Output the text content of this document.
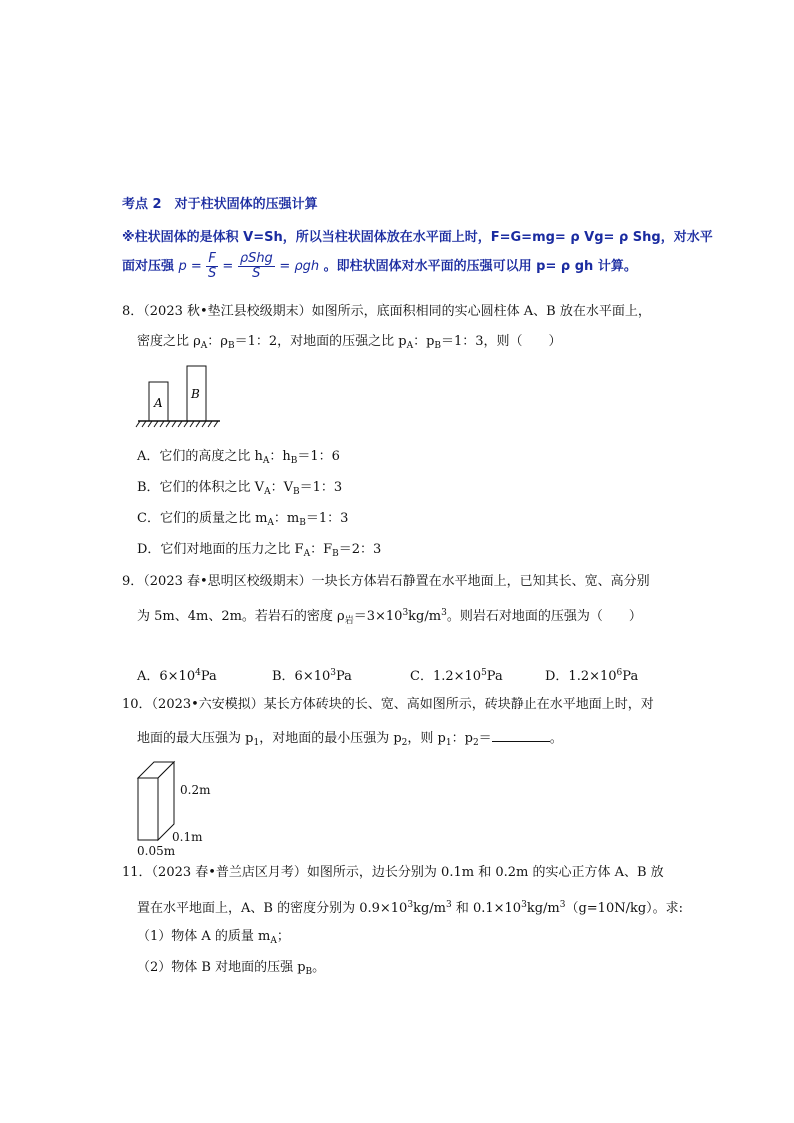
考点 2　对于柱状固体的压强计算
※柱状固体的是体积 V=Sh，所以当柱状固体放在水平面上时，F=G=mg= ρ Vg= ρ Shg，对水平
面对压强 $p = \frac{F}{S} = \frac{\text{ρShg}}{S} = \rho gh$ 。即柱状固体对水平面的压强可以用 p= ρ gh 计算。
8．（2023 秋•垫江县校级期末）如图所示，底面积相同的实心圆柱体 A、B 放在水平面上，
密度之比 $\rho_A$：$\rho_B=1$：2，对地面的压强之比 $p_A$：$p_B=1$：3，则（　　）
A
B
A．它们的高度之比 $h_A$：$h_B=1$：6
B．它们的体积之比 $V_A$：$V_B=1$：3
C．它们的质量之比 $m_A$：$m_B=1$：3
D．它们对地面的压力之比 $F_A$：$F_B=2$：3
9．（2023 春•思明区校级期末）一块长方体岩石静置在水平地面上，已知其长、宽、高分别
为 5m、4m、2m。若岩石的密度 $\rho_岩=3\times 10^3kg/m^3$。则岩石对地面的压强为（　　）
A．$6\times 10^4Pa$	B．$6\times 10^3Pa$	C．$1.2\times 10^5Pa$	D．$1.2\times 10^6Pa$
10．（2023•六安模拟）某长方体砖块的长、宽、高如图所示，砖块静止在水平地面上时，对
地面的最大压强为 $p_1$，对地面的最小压强为 $p_2$，则 $p_1$：$p_2=$	。
0.2m
0.1m
0.05m
11．（2023 春•普兰店区月考）如图所示，边长分别为 0.1m 和 0.2m 的实心正方体 A、B 放
置在水平地面上，A、B 的密度分别为 $0.9\times 10^3kg/m^3$ 和 $0.1\times 10^3kg/m^3(g=10N/kg)$。求:
（1）物体 A 的质量 $m_A$；
（2）物体 B 对地面的压强 $p_B$。
